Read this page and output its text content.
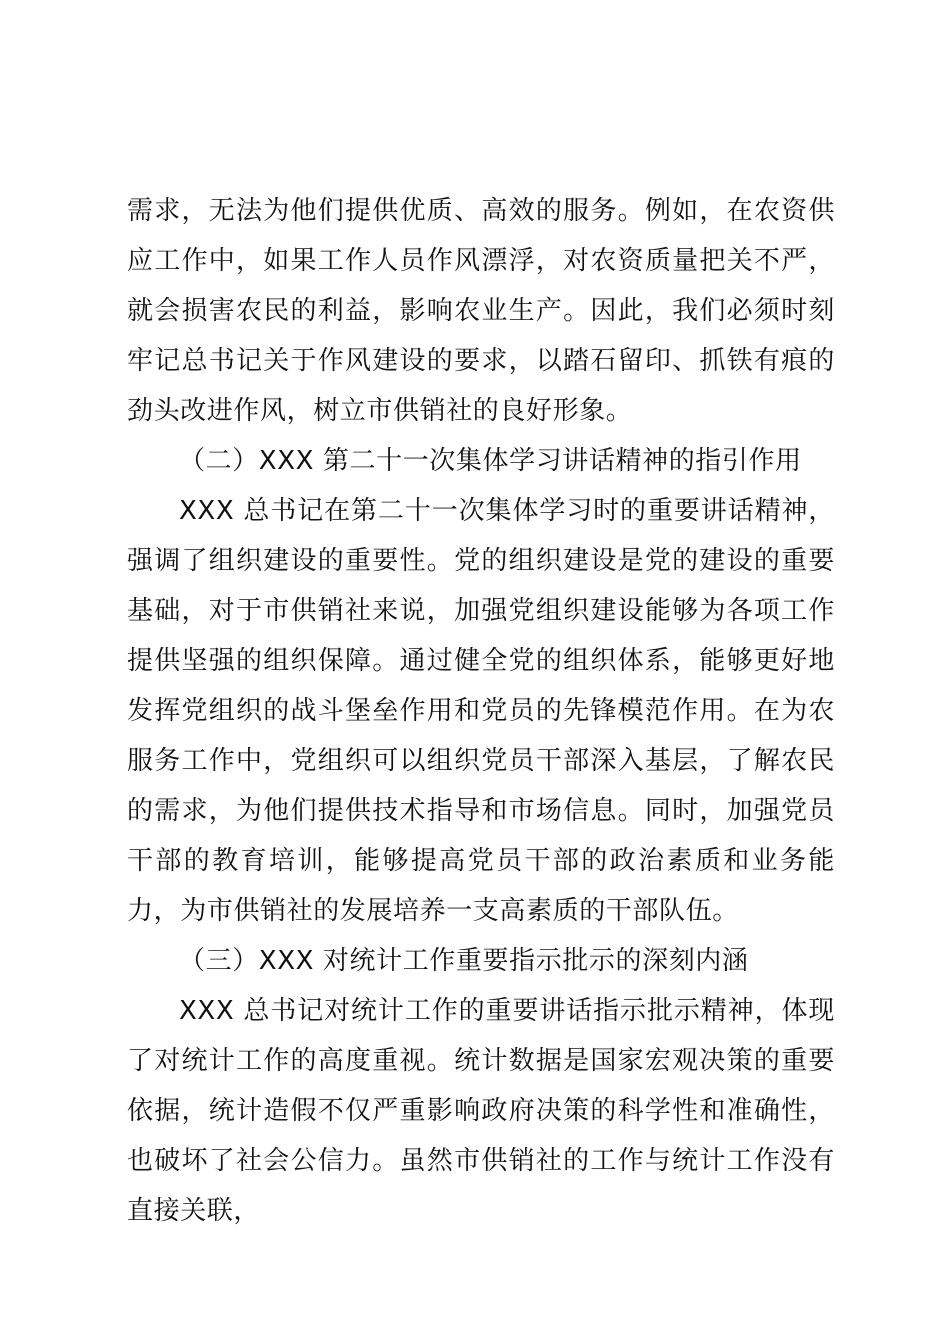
需求，无法为他们提供优质、高效的服务。例如，在农资供应工作中，如果工作人员作风漂浮，对农资质量把关不严，就会损害农民的利益，影响农业生产。因此，我们必须时刻牢记总书记关于作风建设的要求，以踏石留印、抓铁有痕的劲头改进作风，树立市供销社的良好形象。

（二）XXX 第二十一次集体学习讲话精神的指引作用

XXX 总书记在第二十一次集体学习时的重要讲话精神，强调了组织建设的重要性。党的组织建设是党的建设的重要基础，对于市供销社来说，加强党组织建设能够为各项工作提供坚强的组织保障。通过健全党的组织体系，能够更好地发挥党组织的战斗堡垒作用和党员的先锋模范作用。在为农服务工作中，党组织可以组织党员干部深入基层，了解农民的需求，为他们提供技术指导和市场信息。同时，加强党员干部的教育培训，能够提高党员干部的政治素质和业务能力，为市供销社的发展培养一支高素质的干部队伍。

（三）XXX 对统计工作重要指示批示的深刻内涵

XXX 总书记对统计工作的重要讲话指示批示精神，体现了对统计工作的高度重视。统计数据是国家宏观决策的重要依据，统计造假不仅严重影响政府决策的科学性和准确性，也破坏了社会公信力。虽然市供销社的工作与统计工作没有直接关联，
